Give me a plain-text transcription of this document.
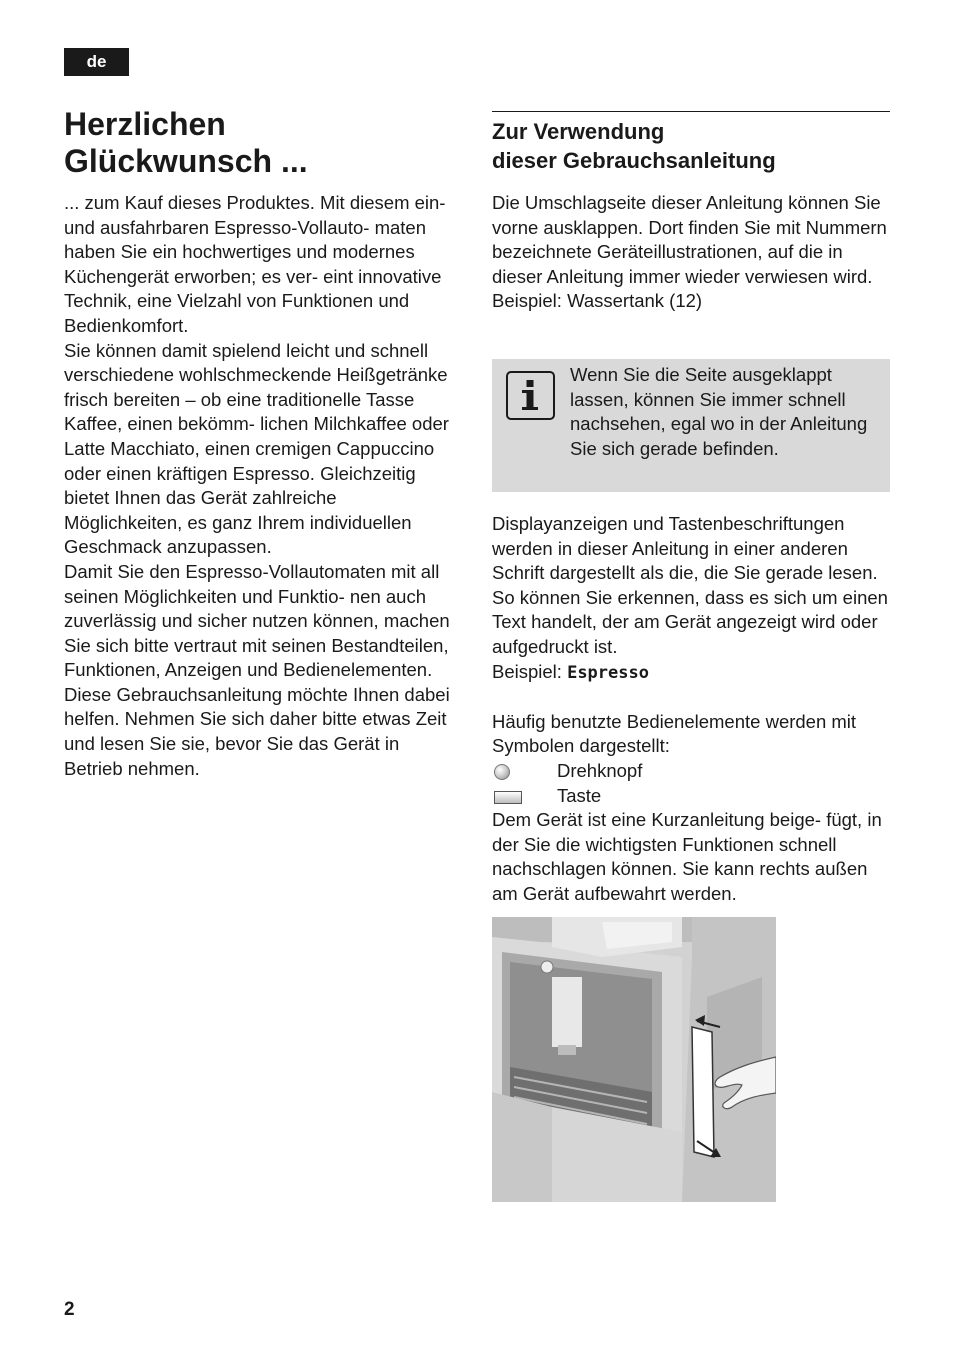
de
Herzlichen
Glückwunsch ...

... zum Kauf dieses Produktes. Mit diesem ein- und ausfahrbaren Espresso-Vollauto- maten haben Sie ein hochwertiges und modernes Küchengerät erworben; es ver- eint innovative Technik, eine Vielzahl von Funktionen und Bedienkomfort.

Sie können damit spielend leicht und schnell verschiedene wohlschmeckende Heißgetränke frisch bereiten – ob eine traditionelle Tasse Kaffee, einen bekömm- lichen Milchkaffee oder Latte Macchiato, einen cremigen Cappuccino oder einen kräftigen Espresso. Gleichzeitig bietet Ihnen das Gerät zahlreiche Möglichkeiten, es ganz Ihrem individuellen Geschmack anzupassen.

Damit Sie den Espresso-Vollautomaten mit all seinen Möglichkeiten und Funktio- nen auch zuverlässig und sicher nutzen können, machen Sie sich bitte vertraut mit seinen Bestandteilen, Funktionen, Anzeigen und Bedienelementen. Diese Gebrauchsanleitung möchte Ihnen dabei helfen. Nehmen Sie sich daher bitte etwas Zeit und lesen Sie sie, bevor Sie das Gerät in Betrieb nehmen.

Zur Verwendung
dieser Gebrauchsanleitung

Die Umschlagseite dieser Anleitung können Sie vorne ausklappen. Dort finden Sie mit Nummern bezeichnete Geräteillustrationen, auf die in dieser Anleitung immer wieder verwiesen wird.

Beispiel: Wassertank (12)

Wenn Sie die Seite ausgeklappt lassen, können Sie immer schnell nachsehen, egal wo in der Anleitung Sie sich gerade befinden.

Displayanzeigen und Tastenbeschriftungen werden in dieser Anleitung in einer anderen Schrift dargestellt als die, die Sie gerade lesen. So können Sie erkennen, dass es sich um einen Text handelt, der am Gerät angezeigt wird oder aufgedruckt ist.

Beispiel: Espresso

Häufig benutzte Bedienelemente werden mit Symbolen dargestellt:

Drehknopf
Taste

Dem Gerät ist eine Kurzanleitung beige- fügt, in der Sie die wichtigsten Funktionen schnell nachschlagen können. Sie kann rechts außen am Gerät aufbewahrt werden.

2
